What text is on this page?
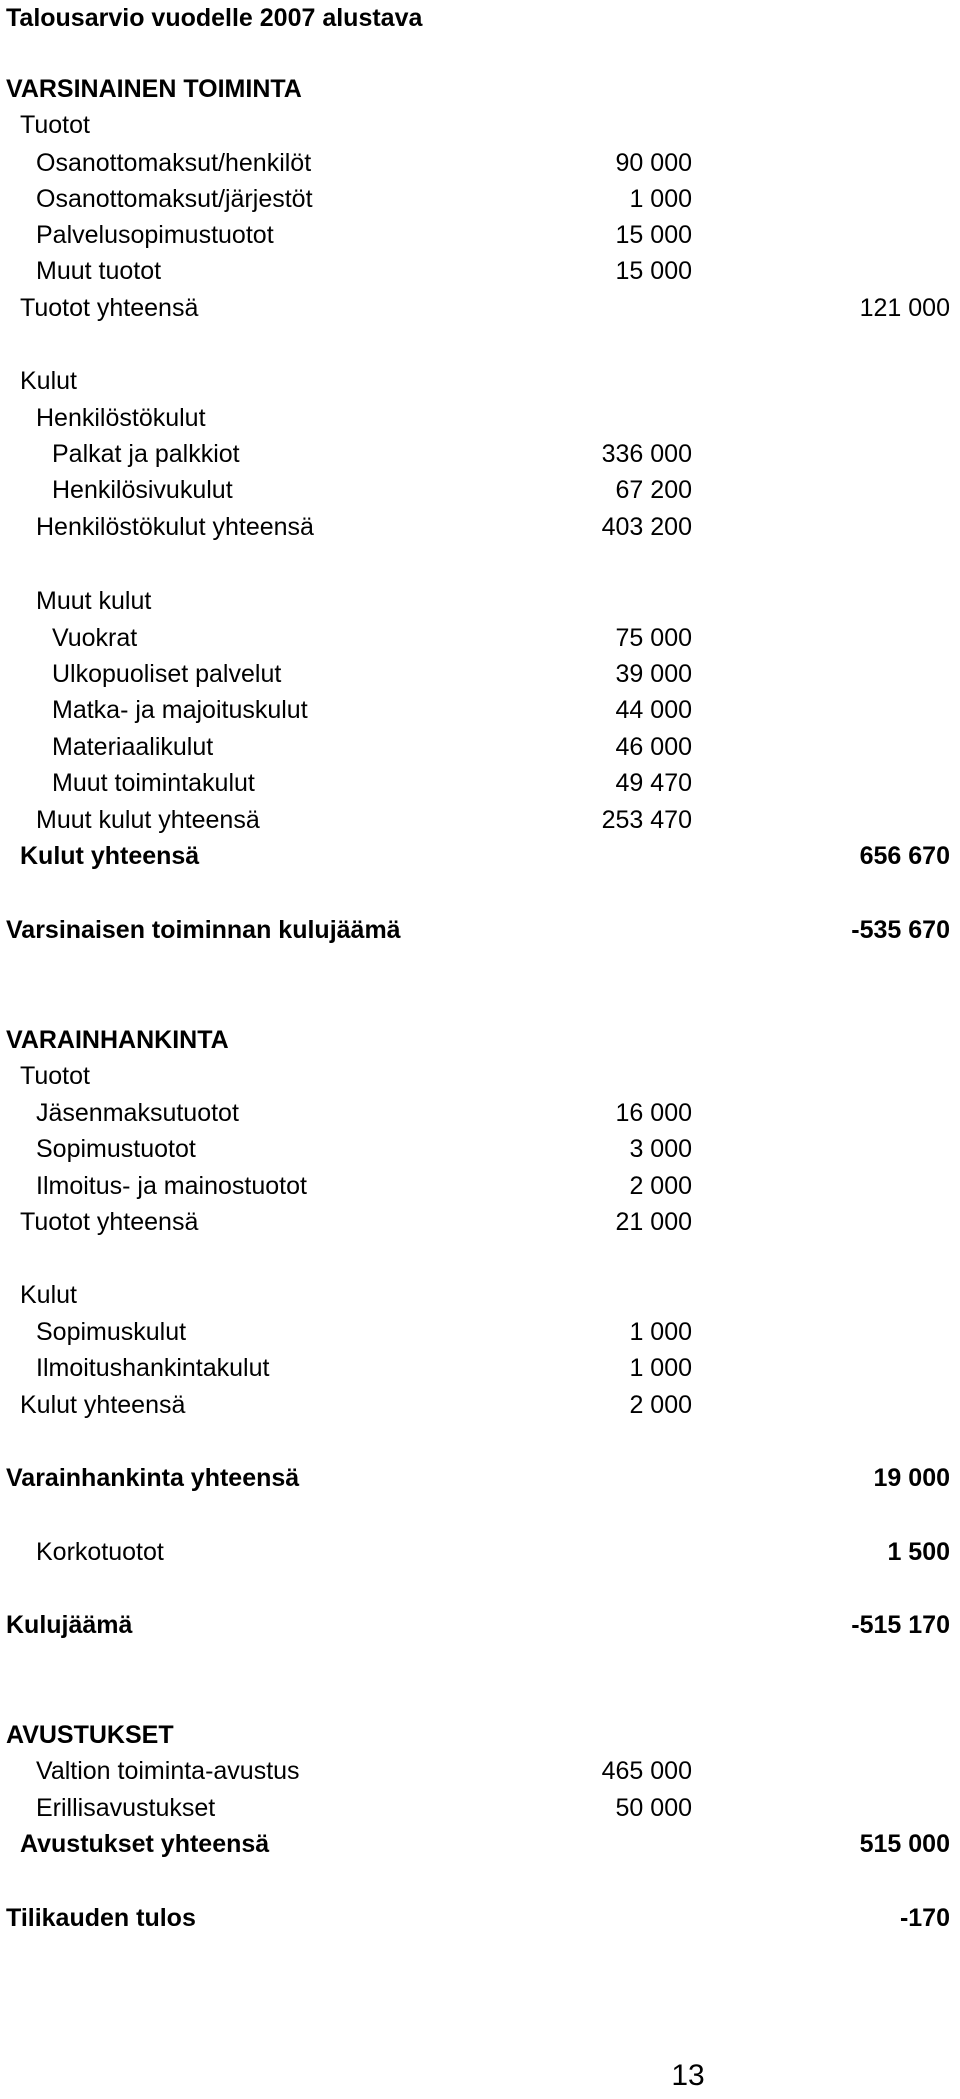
Talousarvio vuodelle 2007 alustava
VARSINAINEN TOIMINTA
Tuotot
Osanottomaksut/henkilöt	90 000
Osanottomaksut/järjestöt	1 000
Palvelusopimustuotot	15 000
Muut tuotot	15 000
Tuotot yhteensä	121 000
Kulut
Henkilöstökulut
Palkat ja palkkiot	336 000
Henkilösivukulut	67 200
Henkilöstökulut yhteensä	403 200
Muut kulut
Vuokrat	75 000
Ulkopuoliset palvelut	39 000
Matka- ja majoituskulut	44 000
Materiaalikulut	46 000
Muut toimintakulut	49 470
Muut kulut yhteensä	253 470
Kulut yhteensä	656 670
Varsinaisen toiminnan kulujäämä	-535 670
VARAINHANKINTA
Tuotot
Jäsenmaksutuotot	16 000
Sopimustuotot	3 000
Ilmoitus- ja mainostuotot	2 000
Tuotot yhteensä	21 000
Kulut
Sopimuskulut	1 000
Ilmoitushankintakulut	1 000
Kulut yhteensä	2 000
Varainhankinta yhteensä	19 000
Korkotuotot	1 500
Kulujäämä	-515 170
AVUSTUKSET
Valtion toiminta-avustus	465 000
Erillisavustukset	50 000
Avustukset yhteensä	515 000
Tilikauden tulos	-170
13
